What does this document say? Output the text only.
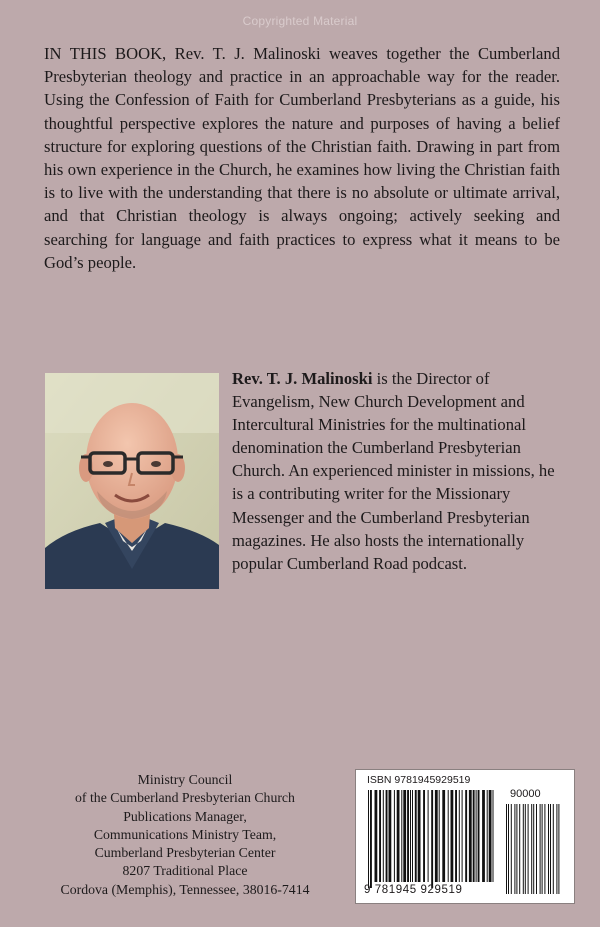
Copyrighted Material

IN THIS BOOK, Rev. T. J. Malinoski weaves together the Cumberland Presbyterian theology and practice in an approachable way for the reader. Using the Confession of Faith for Cumberland Presbyterians as a guide, his thoughtful perspective explores the nature and purposes of having a belief structure for exploring questions of the Christian faith. Drawing in part from his own experience in the Church, he examines how living the Christian faith is to live with the understanding that there is no absolute or ultimate arrival, and that Christian theology is always ongoing; actively seeking and searching for language and faith practices to express what it means to be God’s people.

Rev. T. J. Malinoski is the Director of Evangelism, New Church Development and Intercultural Ministries for the multinational denomination the Cumberland Presbyterian Church. An experienced minister in missions, he is a contributing writer for the Missionary Messenger and the Cumberland Presbyterian magazines. He also hosts the internationally popular Cumberland Road podcast.

Ministry Council
of the Cumberland Presbyterian Church
Publications Manager,
Communications Ministry Team,
Cumberland Presbyterian Center
8207 Traditional Place
Cordova (Memphis), Tennessee, 38016-7414
ISBN 9781945929519
90000
9 781945 929519
